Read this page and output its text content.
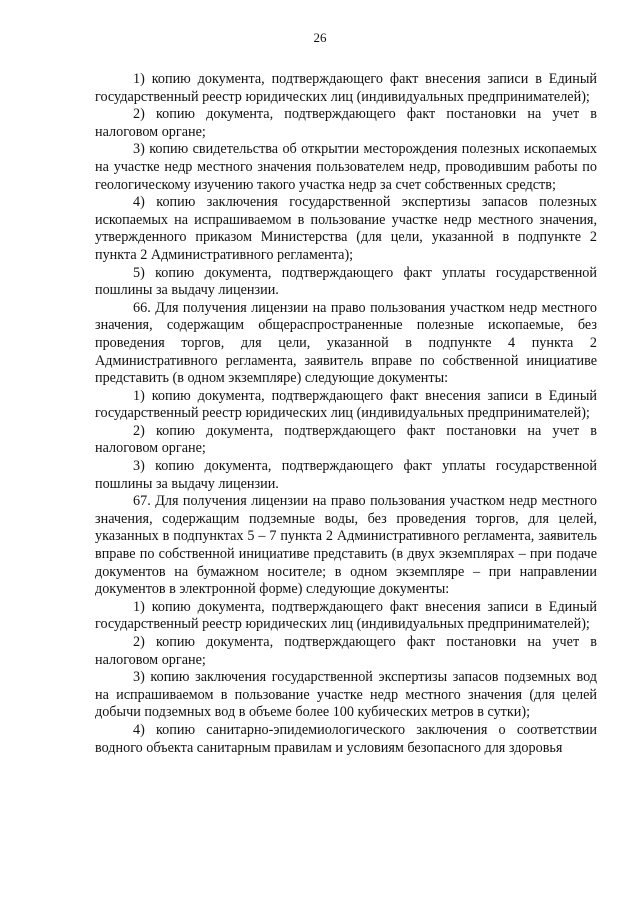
26

1) копию документа, подтверждающего факт внесения записи в Единый государственный реестр юридических лиц (индивидуальных предпринимателей);

2) копию документа, подтверждающего факт постановки на учет в налоговом органе;

3) копию свидетельства об открытии месторождения полезных ископаемых на участке недр местного значения пользователем недр, проводившим работы по геологическому изучению такого участка недр за счет собственных средств;

4) копию заключения государственной экспертизы запасов полезных ископаемых на испрашиваемом в пользование участке недр местного значения, утвержденного приказом Министерства (для цели, указанной в подпункте 2 пункта 2 Административного регламента);

5) копию документа, подтверждающего факт уплаты государственной пошлины за выдачу лицензии.

66. Для получения лицензии на право пользования участком недр местного значения, содержащим общераспространенные полезные ископаемые, без проведения торгов, для цели, указанной в подпункте 4 пункта 2 Административного регламента, заявитель вправе по собственной инициативе представить (в одном экземпляре) следующие документы:

1) копию документа, подтверждающего факт внесения записи в Единый государственный реестр юридических лиц (индивидуальных предпринимателей);

2) копию документа, подтверждающего факт постановки на учет в налоговом органе;

3) копию документа, подтверждающего факт уплаты государственной пошлины за выдачу лицензии.

67. Для получения лицензии на право пользования участком недр местного значения, содержащим подземные воды, без проведения торгов, для целей, указанных в подпунктах 5 – 7 пункта 2 Административного регламента, заявитель вправе по собственной инициативе представить (в двух экземплярах – при подаче документов на бумажном носителе; в одном экземпляре – при направлении документов в электронной форме) следующие документы:

1) копию документа, подтверждающего факт внесения записи в Единый государственный реестр юридических лиц (индивидуальных предпринимателей);

2) копию документа, подтверждающего факт постановки на учет в налоговом органе;

3) копию заключения государственной экспертизы запасов подземных вод на испрашиваемом в пользование участке недр местного значения (для целей добычи подземных вод в объеме более 100 кубических метров в сутки);

4) копию санитарно-эпидемиологического заключения о соответствии водного объекта санитарным правилам и условиям безопасного для здоровья
